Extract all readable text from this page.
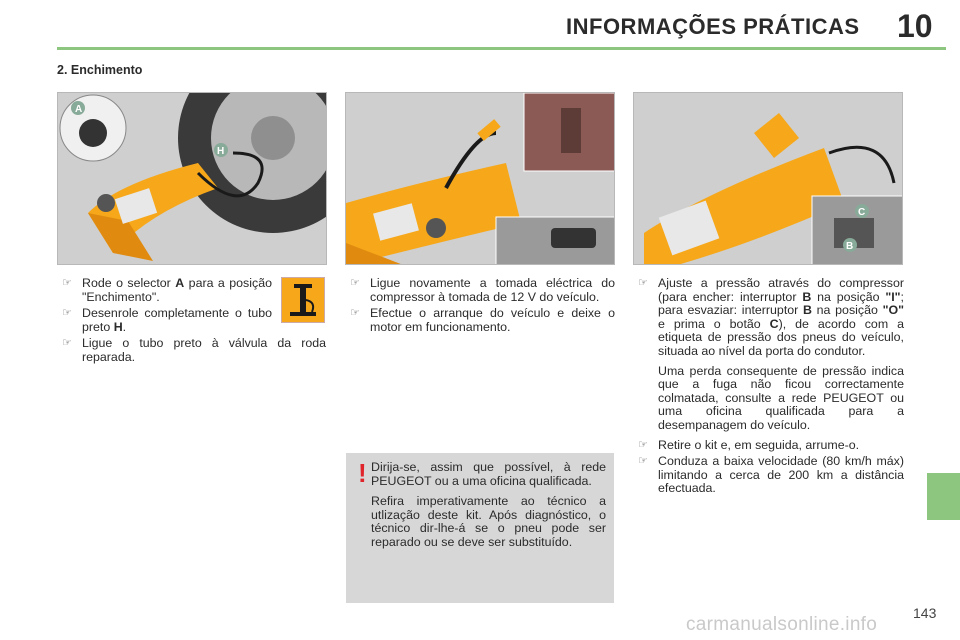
INFORMAÇÕES PRÁTICAS 10
2. Enchimento
A
H
C
B
☞ Rode o selector A para a posição "Enchimento".
☞ Desenrole completamente o tubo preto H.
☞ Ligue o tubo preto à válvula da roda reparada.
☞ Ligue novamente a tomada eléctrica do compressor à tomada de 12 V do veículo.
☞ Efectue o arranque do veículo e deixe o motor em funcionamento.
! Dirija-se, assim que possível, à rede PEUGEOT ou a uma oficina qualificada.

Refira imperativamente ao técnico a utlização deste kit. Após diagnóstico, o técnico dir-lhe-á se o pneu pode ser reparado ou se deve ser substituído.

☞ Ajuste a pressão através do compressor (para encher: interruptor B na posição "I"; para esvaziar: interruptor B na posição "O" e prima o botão C), de acordo com a etiqueta de pressão dos pneus do veículo, situada ao nível da porta do condutor.

Uma perda consequente de pressão indica que a fuga não ficou correctamente colmatada, consulte a rede PEUGEOT ou uma oficina qualificada para a desempanagem do veículo.

☞ Retire o kit e, em seguida, arrume-o.
☞ Conduza a baixa velocidade (80 km/h máx) limitando a cerca de 200 km a distância efectuada.
143
carmanualsonline.info
